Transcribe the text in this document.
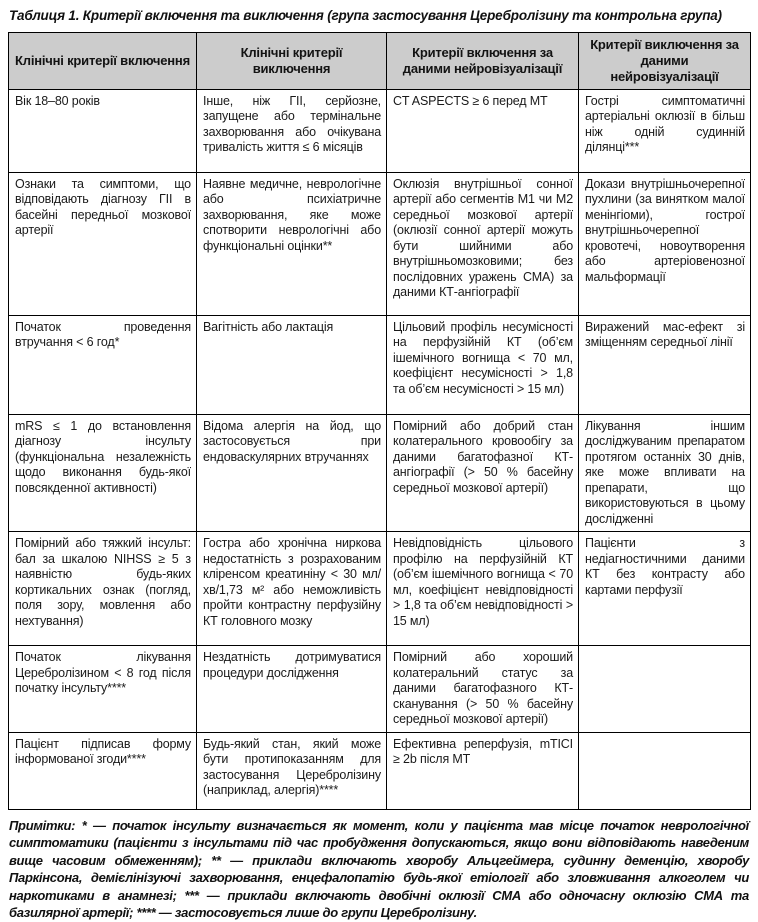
Таблиця 1. Критерії включення та виключення (група застосування Церебролізину та контрольна група)
Клінічні критерії включення	Клінічні критерії виключення	Критерії включення за даними нейровізуалізації	Критерії виключення за даними нейровізуалізації
Вік 18–80 років	Інше, ніж ГІІ, серйозне, запущене або термінальне захворювання або очікувана тривалість життя ≤ 6 місяців	CT ASPECTS ≥ 6 перед МТ	Гострі симптоматичні артеріальні оклюзії в більш ніж одній судинній ділянці***
Ознаки та симптоми, що відповідають діагнозу ГІІ в басейні передньої мозкової артерії	Наявне медичне, неврологічне або психіатричне захворювання, яке може спотворити неврологічні або функціональні оцінки**	Оклюзія внутрішньої сонної артерії або сегментів М1 чи М2 середньої мозкової артерії (оклюзії сонної артерії можуть бути шийними або внутрішньомозковими; без послідовних уражень СМА) за даними КТ-ангіографії	Докази внутрішньочерепної пухлини (за винятком малої менінгіоми), гострої внутрішньочерепної кровотечі, новоутворення або артеріовенозної мальформації
Початок проведення втручання < 6 год*	Вагітність або лактація	Цільовий профіль несумісності на перфузійній КТ (об’єм ішемічного вогнища < 70 мл, коефіцієнт несумісності > 1,8 та об’єм несумісності > 15 мл)	Виражений мас-ефект зі зміщенням середньої лінії
mRS ≤ 1 до встановлення діагнозу інсульту (функціональна незалежність щодо виконання будь-якої повсякденної активності)	Відома алергія на йод, що застосовується при ендоваскулярних втручаннях	Помірний або добрий стан колатерального кровообігу за даними багатофазної КТ-ангіографії (> 50 % басейну середньої мозкової артерії)	Лікування іншим досліджуваним препаратом протягом останніх 30 днів, яке може впливати на препарати, що використовуються в цьому дослідженні
Помірний або тяжкий інсульт: бал за шкалою NIHSS ≥ 5 з наявністю будь-яких кортикальних ознак (погляд, поля зору, мовлення або нехтування)	Гостра або хронічна ниркова недостатність з розрахованим кліренсом креатиніну < 30 мл/хв/1,73 м² або неможливість пройти контрастну перфузійну КТ головного мозку	Невідповідність цільового профілю на перфузійній КТ (об’єм ішемічного вогнища < 70 мл, коефіцієнт невідповідності > 1,8 та об’єм невідповідності > 15 мл)	Пацієнти з недіагностичними даними КТ без контрасту або картами перфузії
Початок лікування Церебролізином < 8 год після початку інсульту****	Нездатність дотримуватися процедури дослідження	Помірний або хороший колатеральний статус за даними багатофазного КТ-сканування (> 50 % басейну середньої мозкової артерії)	
Пацієнт підписав форму інформованої згоди****	Будь-який стан, який може бути протипоказанням для застосування Церебролізину (наприклад, алергія)****	Ефективна реперфузія, mTICI ≥ 2b після МТ	
Примітки: * — початок інсульту визначається як момент, коли у пацієнта мав місце початок неврологічної симптоматики (пацієнти з інсультами під час пробудження допускаються, якщо вони відповідають наведеним вище часовим обмеженням); ** — приклади включають хворобу Альцгеймера, судинну деменцію, хворобу Паркінсона, демієлінізуючі захворювання, енцефалопатію будь-якої етіології або зловживання алкоголем чи наркотиками в анамнезі; *** — приклади включають двобічні оклюзії СМА або одночасну оклюзію СМА та базилярної артерії; **** — застосовується лише до групи Церебролізину.
